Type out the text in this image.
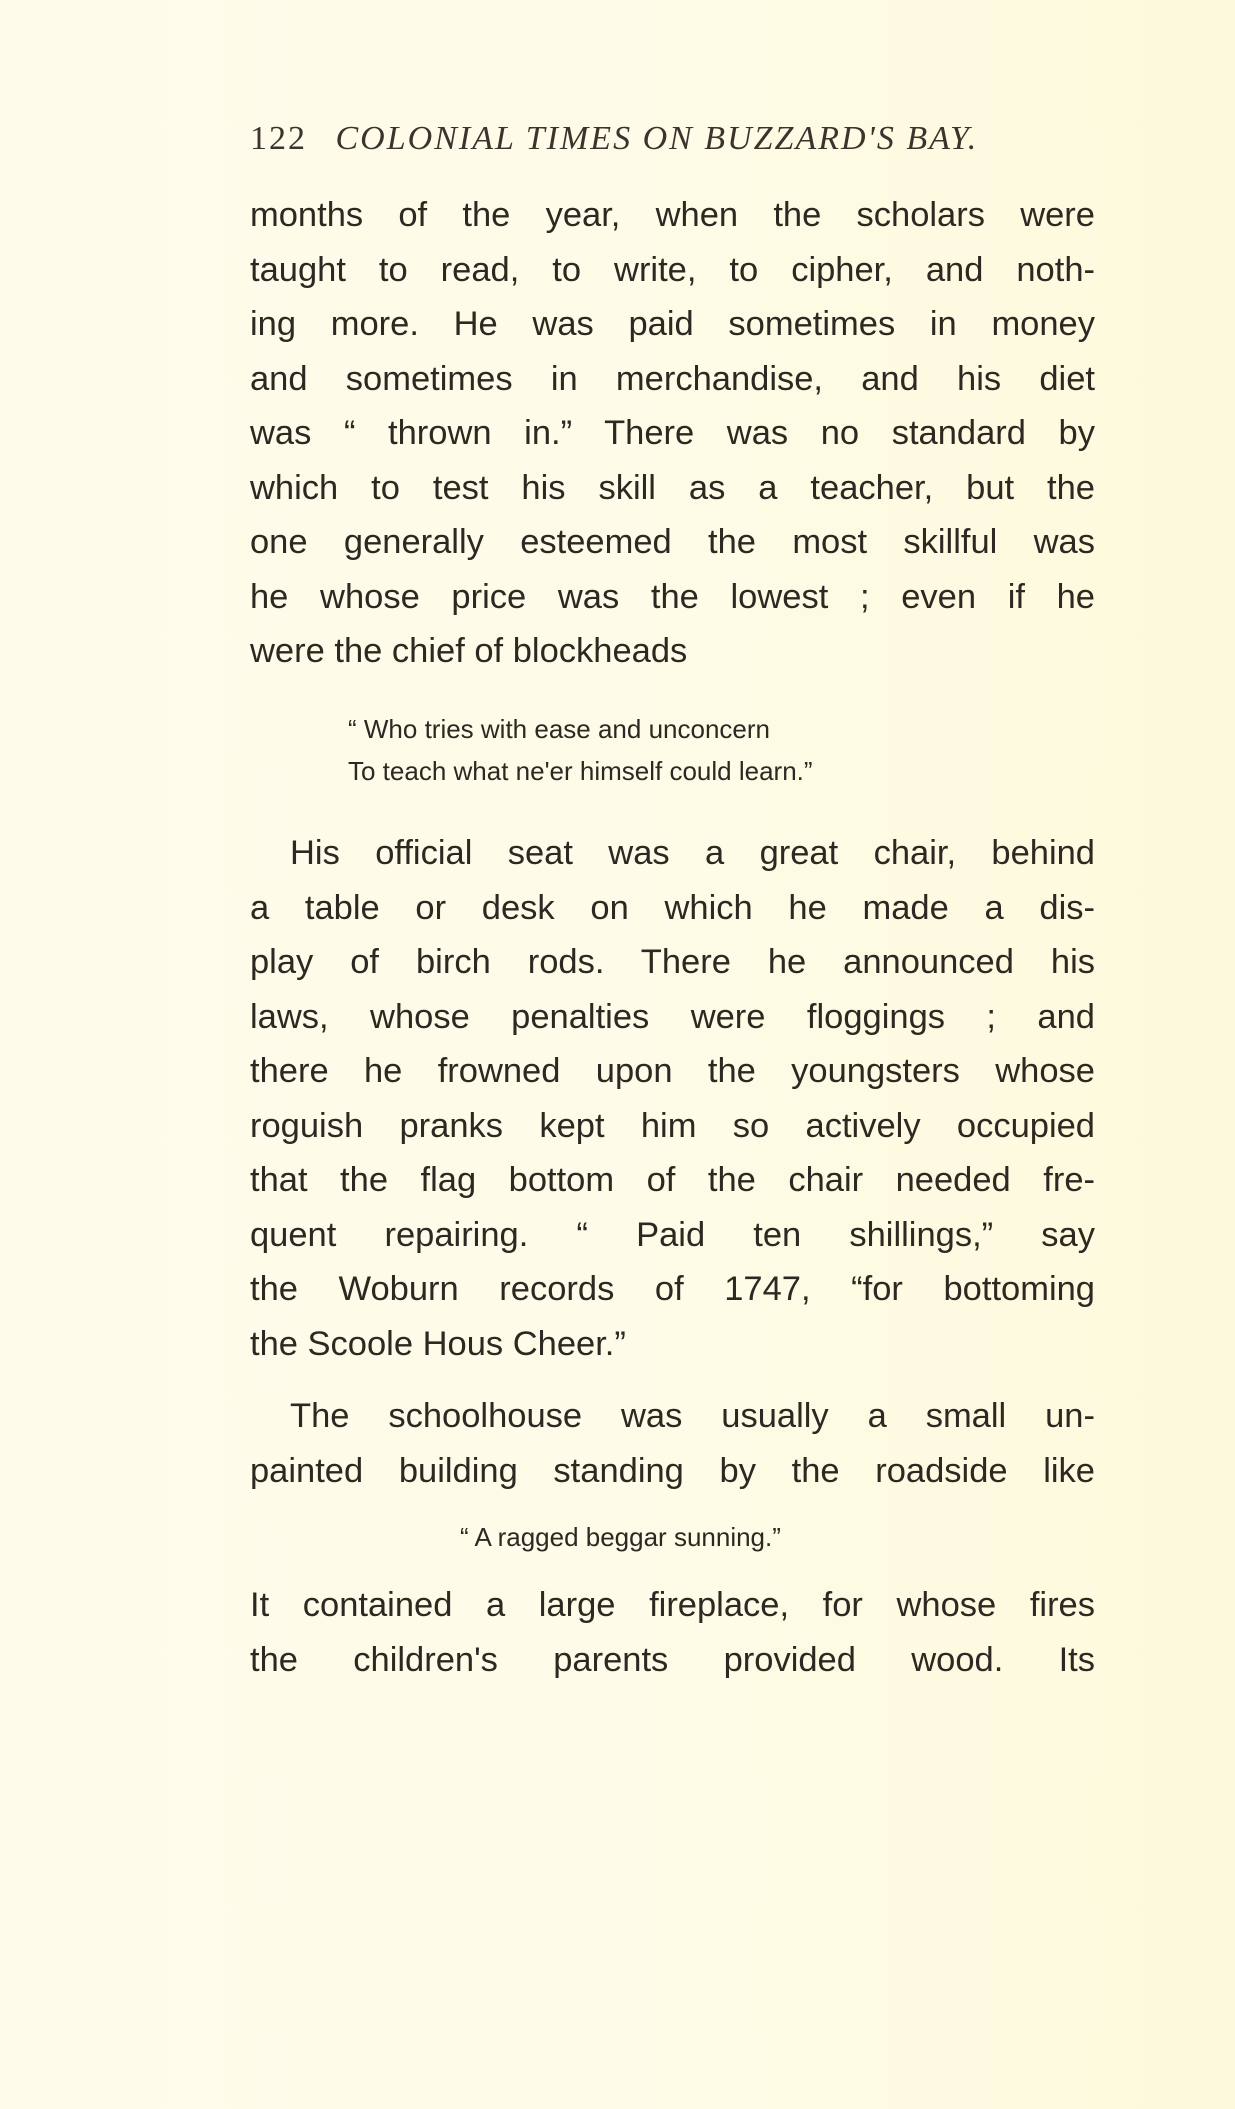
122 COLONIAL TIMES ON BUZZARD'S BAY.
months of the year, when the scholars were
taught to read, to write, to cipher, and noth-
ing more. He was paid sometimes in money
and sometimes in merchandise, and his diet
was “ thrown in.” There was no standard by
which to test his skill as a teacher, but the
one generally esteemed the most skillful was
he whose price was the lowest ; even if he
were the chief of blockheads
“ Who tries with ease and unconcern
To teach what ne'er himself could learn.”
His official seat was a great chair, behind
a table or desk on which he made a dis-
play of birch rods. There he announced his
laws, whose penalties were floggings ; and
there he frowned upon the youngsters whose
roguish pranks kept him so actively occupied
that the flag bottom of the chair needed fre-
quent repairing. “ Paid ten shillings,” say
the Woburn records of 1747, “for bottoming
the Scoole Hous Cheer.”
The schoolhouse was usually a small un-
painted building standing by the roadside like
“ A ragged beggar sunning.”
It contained a large fireplace, for whose fires
the children's parents provided wood. Its
